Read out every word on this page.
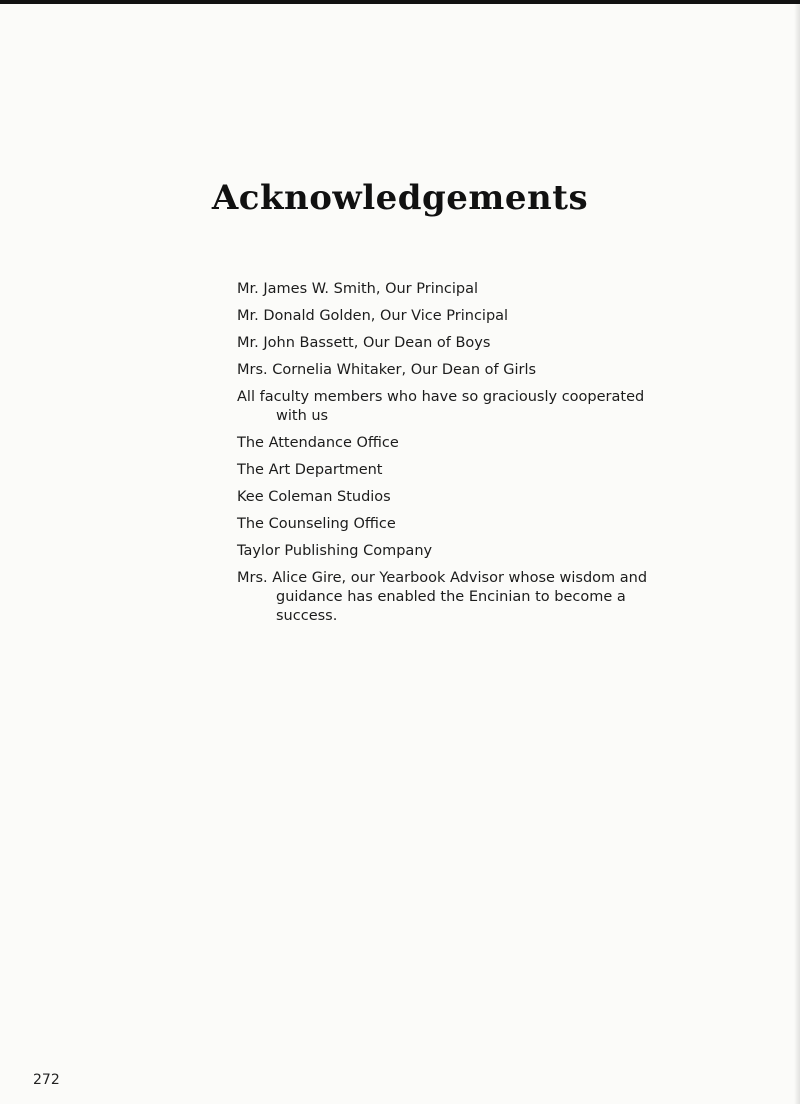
Acknowledgements
Mr. James W. Smith, Our Principal
Mr. Donald Golden, Our Vice Principal
Mr. John Bassett, Our Dean of Boys
Mrs. Cornelia Whitaker, Our Dean of Girls
All faculty members who have so graciously cooperated with us
The Attendance Office
The Art Department
Kee Coleman Studios
The Counseling Office
Taylor Publishing Company
Mrs. Alice Gire, our Yearbook Advisor whose wisdom and guidance has enabled the Encinian to become a success.
272
